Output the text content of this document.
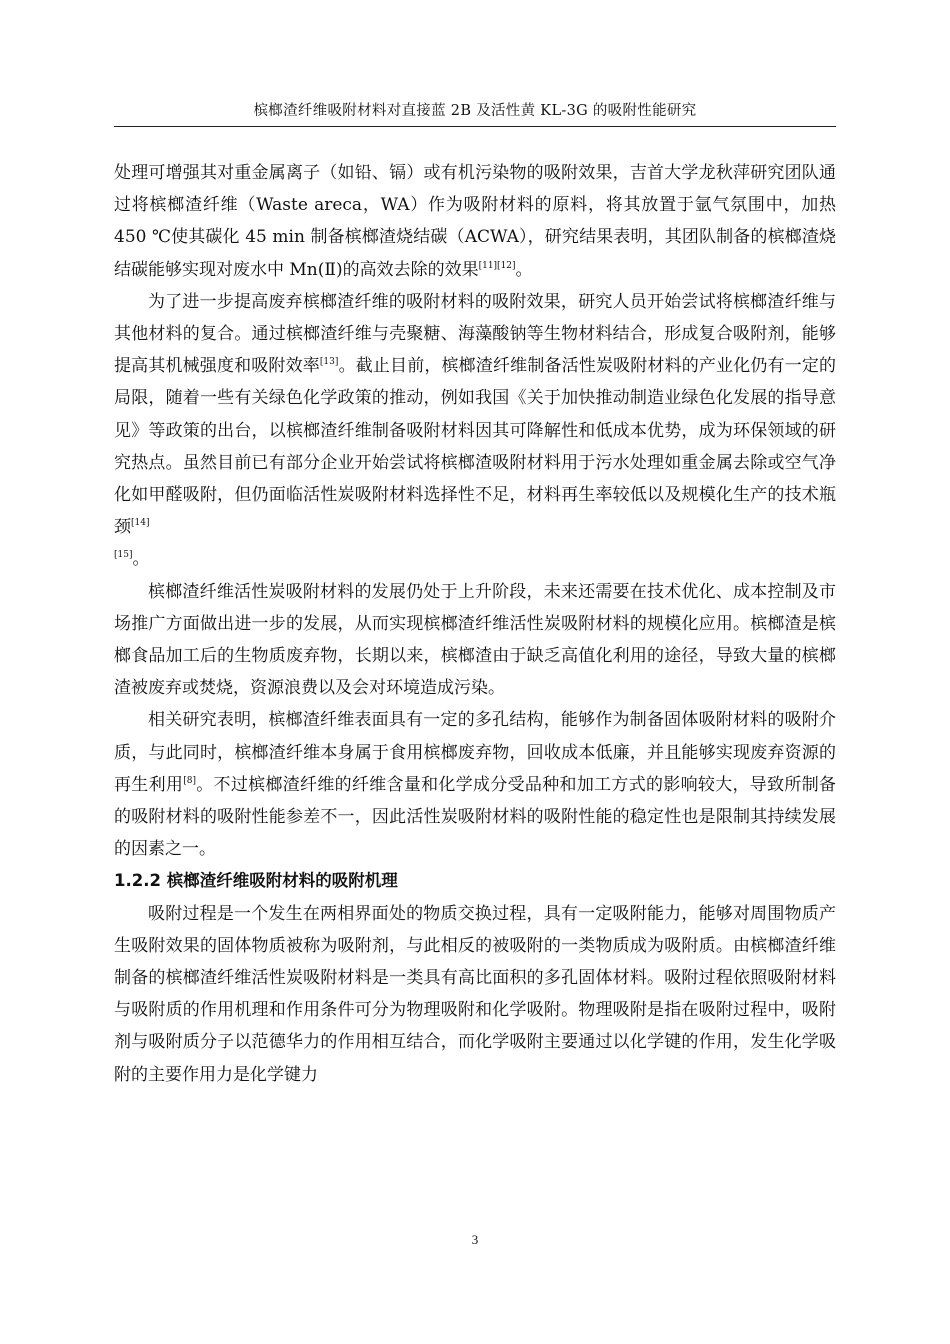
槟榔渣纤维吸附材料对直接蓝 2B 及活性黄 KL-3G 的吸附性能研究

处理可增强其对重金属离子（如铅、镉）或有机污染物的吸附效果，吉首大学龙秋萍研究团队通过将槟榔渣纤维（Waste areca，WA）作为吸附材料的原料，将其放置于氩气氛围中，加热 450 ℃使其碳化 45 min 制备槟榔渣烧结碳（ACWA），研究结果表明，其团队制备的槟榔渣烧结碳能够实现对废水中 Mn(Ⅱ)的高效去除的效果[11][12]。

为了进一步提高废弃槟榔渣纤维的吸附材料的吸附效果，研究人员开始尝试将槟榔渣纤维与其他材料的复合。通过槟榔渣纤维与壳聚糖、海藻酸钠等生物材料结合，形成复合吸附剂，能够提高其机械强度和吸附效率[13]。截止目前，槟榔渣纤维制备活性炭吸附材料的产业化仍有一定的局限，随着一些有关绿色化学政策的推动，例如我国《关于加快推动制造业绿色化发展的指导意见》等政策的出台，以槟榔渣纤维制备吸附材料因其可降解性和低成本优势，成为环保领域的研究热点。虽然目前已有部分企业开始尝试将槟榔渣吸附材料用于污水处理如重金属去除或空气净化如甲醛吸附，但仍面临活性炭吸附材料选择性不足，材料再生率较低以及规模化生产的技术瓶颈[14]
[15]。

槟榔渣纤维活性炭吸附材料的发展仍处于上升阶段，未来还需要在技术优化、成本控制及市场推广方面做出进一步的发展，从而实现槟榔渣纤维活性炭吸附材料的规模化应用。槟榔渣是槟榔食品加工后的生物质废弃物，长期以来，槟榔渣由于缺乏高值化利用的途径，导致大量的槟榔渣被废弃或焚烧，资源浪费以及会对环境造成污染。

相关研究表明，槟榔渣纤维表面具有一定的多孔结构，能够作为制备固体吸附材料的吸附介质，与此同时，槟榔渣纤维本身属于食用槟榔废弃物，回收成本低廉，并且能够实现废弃资源的再生利用[8]。不过槟榔渣纤维的纤维含量和化学成分受品种和加工方式的影响较大，导致所制备的吸附材料的吸附性能参差不一，因此活性炭吸附材料的吸附性能的稳定性也是限制其持续发展的因素之一。

1.2.2 槟榔渣纤维吸附材料的吸附机理

吸附过程是一个发生在两相界面处的物质交换过程，具有一定吸附能力，能够对周围物质产生吸附效果的固体物质被称为吸附剂，与此相反的被吸附的一类物质成为吸附质。由槟榔渣纤维制备的槟榔渣纤维活性炭吸附材料是一类具有高比面积的多孔固体材料。吸附过程依照吸附材料与吸附质的作用机理和作用条件可分为物理吸附和化学吸附。物理吸附是指在吸附过程中，吸附剂与吸附质分子以范德华力的作用相互结合，而化学吸附主要通过以化学键的作用，发生化学吸附的主要作用力是化学键力

3
